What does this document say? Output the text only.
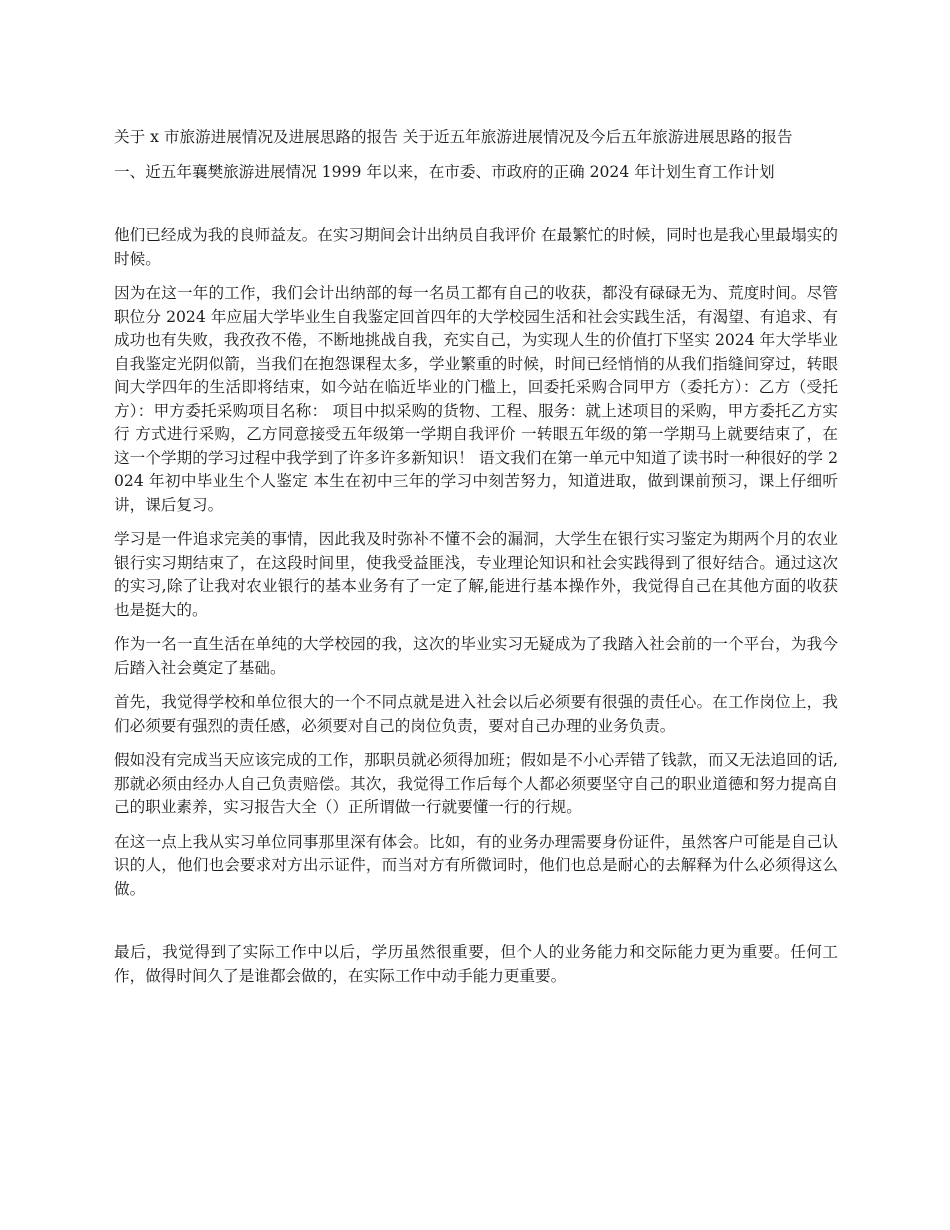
关于 x 市旅游进展情况及进展思路的报告 关于近五年旅游进展情况及今后五年旅游进展思路的报告

一、近五年襄樊旅游进展情况 1999 年以来，在市委、市政府的正确 2024 年计划生育工作计划

他们已经成为我的良师益友。在实习期间会计出纳员自我评价 在最繁忙的时候，同时也是我心里最塌实的时候。

因为在这一年的工作，我们会计出纳部的每一名员工都有自己的收获，都没有碌碌无为、荒度时间。尽管职位分 2024 年应届大学毕业生自我鉴定回首四年的大学校园生活和社会实践生活，有渴望、有追求、有成功也有失败，我孜孜不倦，不断地挑战自我，充实自己，为实现人生的价值打下坚实 2024 年大学毕业自我鉴定光阴似箭，当我们在抱怨课程太多，学业繁重的时候，时间已经悄悄的从我们指缝间穿过，转眼间大学四年的生活即将结束，如今站在临近毕业的门槛上，回委托采购合同甲方（委托方）：乙方（受托方）：甲方委托采购项目名称： 项目中拟采购的货物、工程、服务：就上述项目的采购，甲方委托乙方实行 方式进行采购，乙方同意接受五年级第一学期自我评价 一转眼五年级的第一学期马上就要结束了，在这一个学期的学习过程中我学到了许多许多新知识！ 语文我们在第一单元中知道了读书时一种很好的学 2024 年初中毕业生个人鉴定 本生在初中三年的学习中刻苦努力，知道进取，做到课前预习，课上仔细听讲，课后复习。

学习是一件追求完美的事情，因此我及时弥补不懂不会的漏洞，大学生在银行实习鉴定为期两个月的农业银行实习期结束了，在这段时间里，使我受益匪浅，专业理论知识和社会实践得到了很好结合。通过这次的实习,除了让我对农业银行的基本业务有了一定了解,能进行基本操作外，我觉得自己在其他方面的收获也是挺大的。

作为一名一直生活在单纯的大学校园的我，这次的毕业实习无疑成为了我踏入社会前的一个平台，为我今后踏入社会奠定了基础。

首先，我觉得学校和单位很大的一个不同点就是进入社会以后必须要有很强的责任心。在工作岗位上，我们必须要有强烈的责任感，必须要对自己的岗位负责，要对自己办理的业务负责。

假如没有完成当天应该完成的工作，那职员就必须得加班；假如是不小心弄错了钱款，而又无法追回的话,那就必须由经办人自己负责赔偿。其次，我觉得工作后每个人都必须要坚守自己的职业道德和努力提高自己的职业素养，实习报告大全（）正所谓做一行就要懂一行的行规。

在这一点上我从实习单位同事那里深有体会。比如，有的业务办理需要身份证件，虽然客户可能是自己认识的人，他们也会要求对方出示证件，而当对方有所微词时，他们也总是耐心的去解释为什么必须得这么做。

最后，我觉得到了实际工作中以后，学历虽然很重要，但个人的业务能力和交际能力更为重要。任何工作，做得时间久了是谁都会做的，在实际工作中动手能力更重要。
